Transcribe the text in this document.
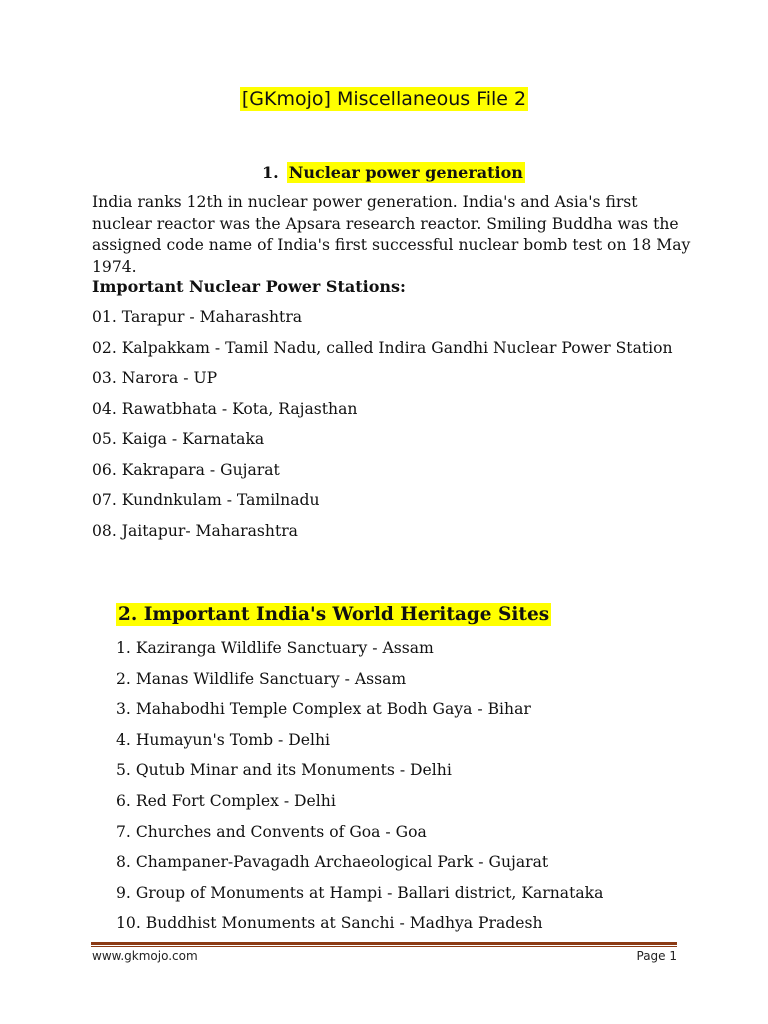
[GKmojo] Miscellaneous File 2
1. Nuclear power generation
India ranks 12th in nuclear power generation. India's and Asia's first nuclear reactor was the Apsara research reactor. Smiling Buddha was the assigned code name of India's first successful nuclear bomb test on 18 May 1974.
Important Nuclear Power Stations:
01. Tarapur - Maharashtra
02. Kalpakkam - Tamil Nadu, called Indira Gandhi Nuclear Power Station
03. Narora - UP
04. Rawatbhata - Kota, Rajasthan
05. Kaiga - Karnataka
06. Kakrapara - Gujarat
07. Kundnkulam - Tamilnadu
08. Jaitapur- Maharashtra
2. Important India's World Heritage Sites
1. Kaziranga Wildlife Sanctuary - Assam
2. Manas Wildlife Sanctuary - Assam
3. Mahabodhi Temple Complex at Bodh Gaya - Bihar
4. Humayun's Tomb - Delhi
5. Qutub Minar and its Monuments - Delhi
6. Red Fort Complex - Delhi
7. Churches and Convents of Goa - Goa
8. Champaner-Pavagadh Archaeological Park - Gujarat
9. Group of Monuments at Hampi - Ballari district, Karnataka
10. Buddhist Monuments at Sanchi - Madhya Pradesh
www.gkmojo.com	Page 1
